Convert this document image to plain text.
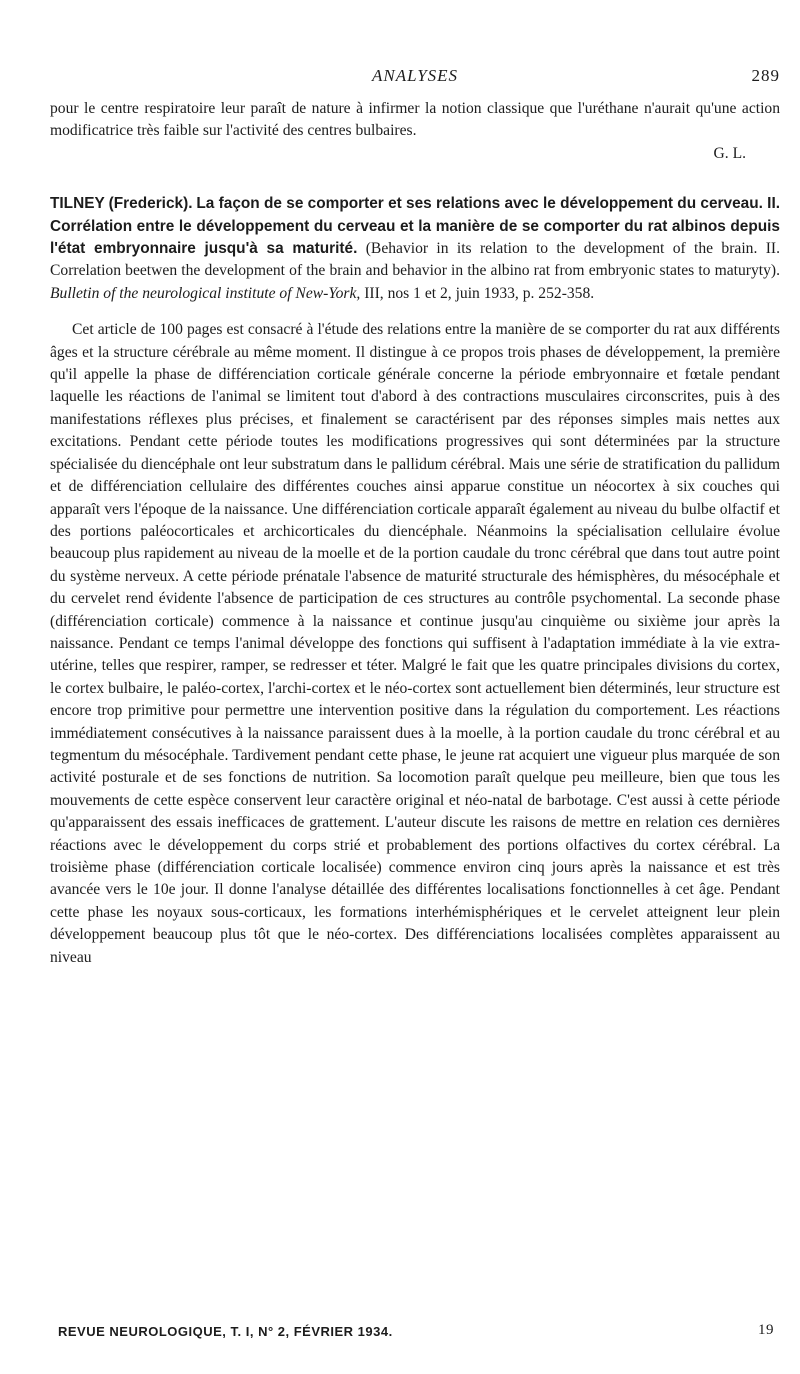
ANALYSES	289

pour le centre respiratoire leur paraît de nature à infirmer la notion classique que l'uréthane n'aurait qu'une action modificatrice très faible sur l'activité des centres bulbaires.

G. L.

TILNEY (Frederick). La façon de se comporter et ses relations avec le développement du cerveau. II. Corrélation entre le développement du cerveau et la manière de se comporter du rat albinos depuis l'état embryonnaire jusqu'à sa maturité. (Behavior in its relation to the development of the brain. II. Correlation beetwen the development of the brain and behavior in the albino rat from embryonic states to maturyty). Bulletin of the neurological institute of New-York, III, nos 1 et 2, juin 1933, p. 252-358.

Cet article de 100 pages est consacré à l'étude des relations entre la manière de se comporter du rat aux différents âges et la structure cérébrale au même moment. Il distingue à ce propos trois phases de développement, la première qu'il appelle la phase de différenciation corticale générale concerne la période embryonnaire et fœtale pendant laquelle les réactions de l'animal se limitent tout d'abord à des contractions musculaires circonscrites, puis à des manifestations réflexes plus précises, et finalement se caractérisent par des réponses simples mais nettes aux excitations. Pendant cette période toutes les modifications progressives qui sont déterminées par la structure spécialisée du diencéphale ont leur substratum dans le pallidum cérébral. Mais une série de stratification du pallidum et de différenciation cellulaire des différentes couches ainsi apparue constitue un néocortex à six couches qui apparaît vers l'époque de la naissance. Une différenciation corticale apparaît également au niveau du bulbe olfactif et des portions paléocorticales et archicorticales du diencéphale. Néanmoins la spécialisation cellulaire évolue beaucoup plus rapidement au niveau de la moelle et de la portion caudale du tronc cérébral que dans tout autre point du système nerveux. A cette période prénatale l'absence de maturité structurale des hémisphères, du mésocéphale et du cervelet rend évidente l'absence de participation de ces structures au contrôle psychomental. La seconde phase (différenciation corticale) commence à la naissance et continue jusqu'au cinquième ou sixième jour après la naissance. Pendant ce temps l'animal développe des fonctions qui suffisent à l'adaptation immédiate à la vie extra-utérine, telles que respirer, ramper, se redresser et téter. Malgré le fait que les quatre principales divisions du cortex, le cortex bulbaire, le paléo-cortex, l'archi-cortex et le néo-cortex sont actuellement bien déterminés, leur structure est encore trop primitive pour permettre une intervention positive dans la régulation du comportement. Les réactions immédiatement consécutives à la naissance paraissent dues à la moelle, à la portion caudale du tronc cérébral et au tegmentum du mésocéphale. Tardivement pendant cette phase, le jeune rat acquiert une vigueur plus marquée de son activité posturale et de ses fonctions de nutrition. Sa locomotion paraît quelque peu meilleure, bien que tous les mouvements de cette espèce conservent leur caractère original et néo-natal de barbotage. C'est aussi à cette période qu'apparaissent des essais inefficaces de grattement. L'auteur discute les raisons de mettre en relation ces dernières réactions avec le développement du corps strié et probablement des portions olfactives du cortex cérébral. La troisième phase (différenciation corticale localisée) commence environ cinq jours après la naissance et est très avancée vers le 10e jour. Il donne l'analyse détaillée des différentes localisations fonctionnelles à cet âge. Pendant cette phase les noyaux sous-corticaux, les formations interhémisphériques et le cervelet atteignent leur plein développement beaucoup plus tôt que le néo-cortex. Des différenciations localisées complètes apparaissent au niveau

REVUE NEUROLOGIQUE, T. I, N° 2, FÉVRIER 1934.	19
